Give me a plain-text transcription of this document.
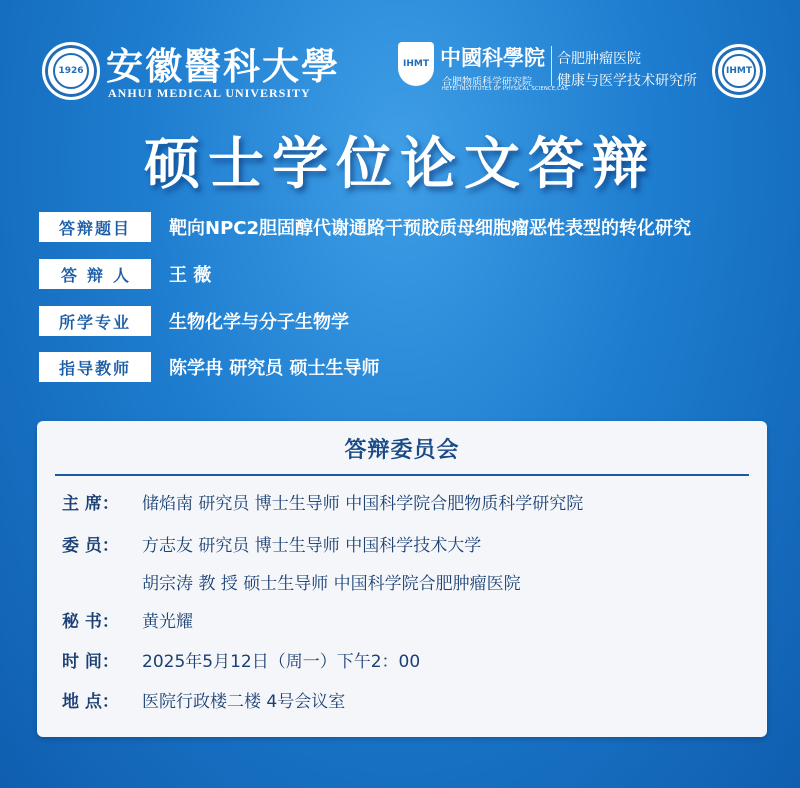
1926 安徽醫科大學
ANHUI MEDICAL UNIVERSITY
IHMT 中國科學院
合肥物质科学研究院
HEFEI INSTITUTES OF PHYSICAL SCIENCE,CAS
合肥肿瘤医院
健康与医学技术研究所
IHMT
硕士学位论文答辩
答辩题目	靶向NPC2胆固醇代谢通路干预胶质母细胞瘤恶性表型的转化研究
答辩人	王 薇
所学专业	生物化学与分子生物学
指导教师	陈学冉 研究员 硕士生导师
答辩委员会
主 席：	储焰南 研究员 博士生导师 中国科学院合肥物质科学研究院
委 员：	方志友 研究员 博士生导师 中国科学技术大学
胡宗涛 教 授 硕士生导师 中国科学院合肥肿瘤医院
秘 书：	黄光耀
时 间：	2025年5月12日（周一）下午2：00
地 点：	医院行政楼二楼 4号会议室
